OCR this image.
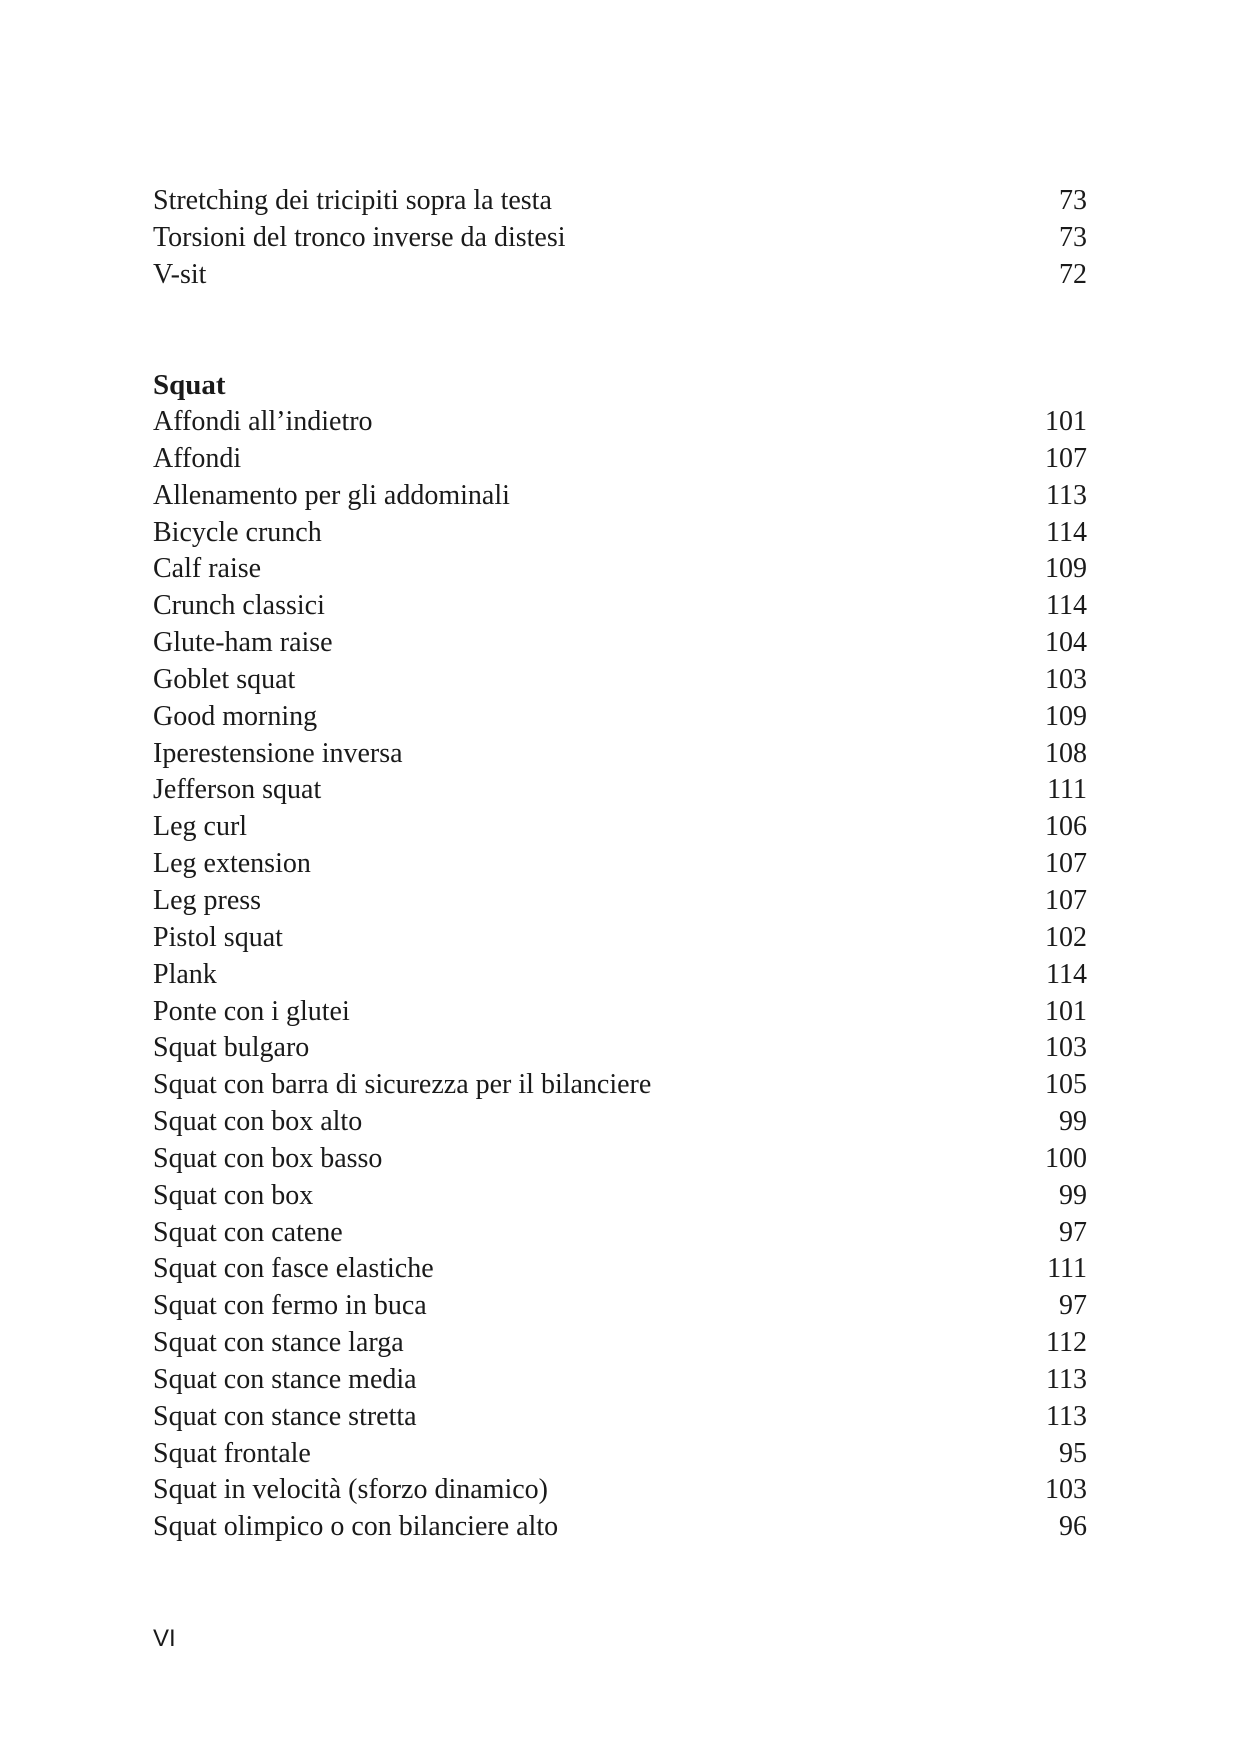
Stretching dei tricipiti sopra la testa	73
Torsioni del tronco inverse da distesi	73
V-sit	72
Squat
Affondi all’indietro	101
Affondi	107
Allenamento per gli addominali	113
Bicycle crunch	114
Calf raise	109
Crunch classici	114
Glute-ham raise	104
Goblet squat	103
Good morning	109
Iperestensione inversa	108
Jefferson squat	111
Leg curl	106
Leg extension	107
Leg press	107
Pistol squat	102
Plank	114
Ponte con i glutei	101
Squat bulgaro	103
Squat con barra di sicurezza per il bilanciere	105
Squat con box alto	99
Squat con box basso	100
Squat con box	99
Squat con catene	97
Squat con fasce elastiche	111
Squat con fermo in buca	97
Squat con stance larga	112
Squat con stance media	113
Squat con stance stretta	113
Squat frontale	95
Squat in velocità (sforzo dinamico)	103
Squat olimpico o con bilanciere alto	96
VI
